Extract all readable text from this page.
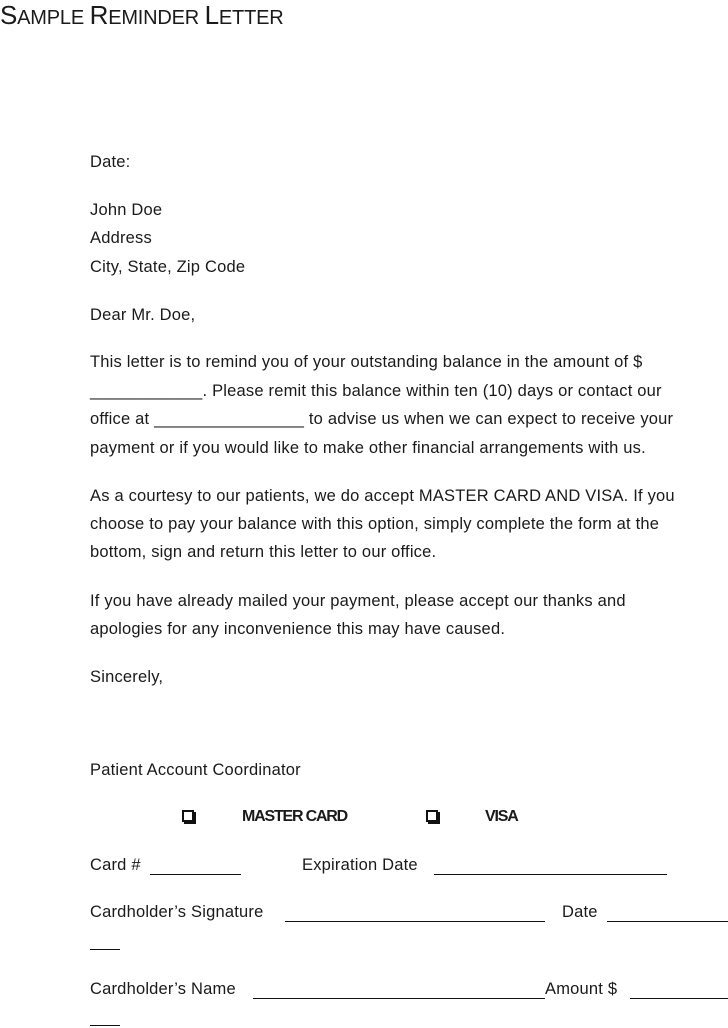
SAMPLE REMINDER LETTER
Date:
John Doe
Address
City, State, Zip Code
Dear Mr. Doe,
This letter is to remind you of your outstanding balance in the amount of $
____________. Please remit this balance within ten (10) days or contact our
office at ________________ to advise us when we can expect to receive your
payment or if you would like to make other financial arrangements with us.
As a courtesy to our patients, we do accept MASTER CARD AND VISA. If you
choose to pay your balance with this option, simply complete the form at the
bottom, sign and return this letter to our office.
If you have already mailed your payment, please accept our thanks and
apologies for any inconvenience this may have caused.
Sincerely,
Patient Account Coordinator
MASTER CARD	VISA
Card #	Expiration Date
Cardholder’s Signature	Date
Cardholder’s Name	Amount $
